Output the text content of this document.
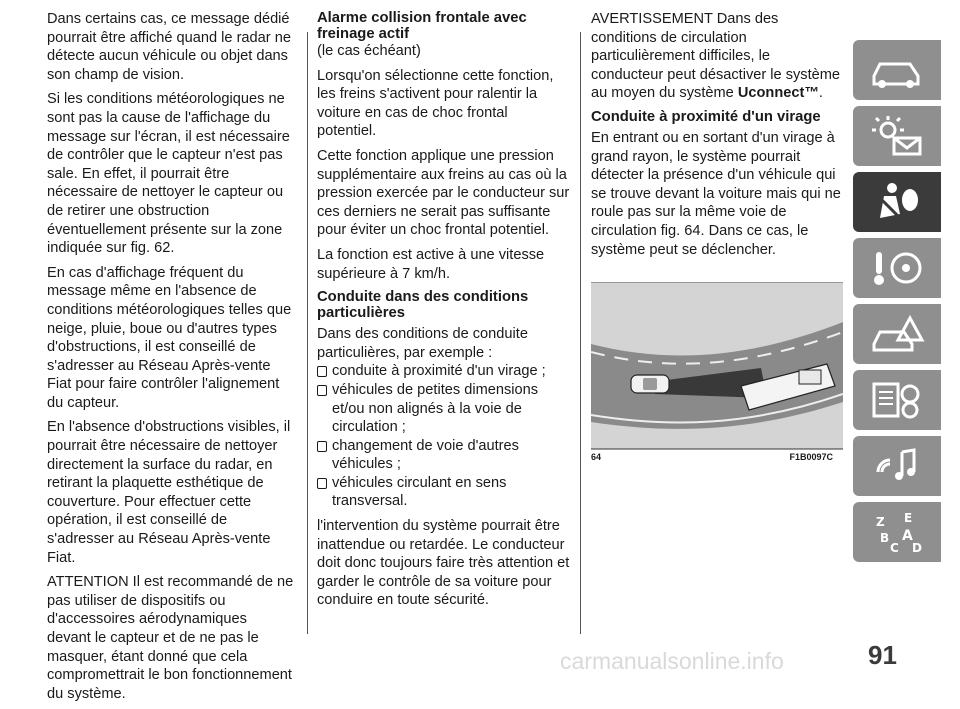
Dans certains cas, ce message dédié pourrait être affiché quand le radar ne détecte aucun véhicule ou objet dans son champ de vision.

Si les conditions météorologiques ne sont pas la cause de l'affichage du message sur l'écran, il est nécessaire de contrôler que le capteur n'est pas sale. En effet, il pourrait être nécessaire de nettoyer le capteur ou de retirer une obstruction éventuellement présente sur la zone indiquée sur fig. 62.

En cas d'affichage fréquent du message même en l'absence de conditions météorologiques telles que neige, pluie, boue ou d'autres types d'obstructions, il est conseillé de s'adresser au Réseau Après-vente Fiat pour faire contrôler l'alignement du capteur.

En l'absence d'obstructions visibles, il pourrait être nécessaire de nettoyer directement la surface du radar, en retirant la plaquette esthétique de couverture. Pour effectuer cette opération, il est conseillé de s'adresser au Réseau Après-vente Fiat.

ATTENTION Il est recommandé de ne pas utiliser de dispositifs ou d'accessoires aérodynamiques devant le capteur et de ne pas le masquer, étant donné que cela compromettrait le bon fonctionnement du système.

Alarme collision frontale avec freinage actif

(le cas échéant)

Lorsqu'on sélectionne cette fonction, les freins s'activent pour ralentir la voiture en cas de choc frontal potentiel.

Cette fonction applique une pression supplémentaire aux freins au cas où la pression exercée par le conducteur sur ces derniers ne serait pas suffisante pour éviter un choc frontal potentiel.

La fonction est active à une vitesse supérieure à 7 km/h.

Conduite dans des conditions particulières

Dans des conditions de conduite particulières, par exemple :

conduite à proximité d'un virage ;
véhicules de petites dimensions et/ou non alignés à la voie de circulation ;
changement de voie d'autres véhicules ;
véhicules circulant en sens transversal.

l'intervention du système pourrait être inattendue ou retardée. Le conducteur doit donc toujours faire très attention et garder le contrôle de sa voiture pour conduire en toute sécurité.

AVERTISSEMENT Dans des conditions de circulation particulièrement difficiles, le conducteur peut désactiver le système au moyen du système Uconnect™.

Conduite à proximité d'un virage

En entrant ou en sortant d'un virage à grand rayon, le système pourrait détecter la présence d'un véhicule qui se trouve devant la voiture mais qui ne roule pas sur la même voie de circulation fig. 64. Dans ce cas, le système peut se déclencher.

64	F1B0097C
Z E
B A
C D
91
carmanualsonline.info
